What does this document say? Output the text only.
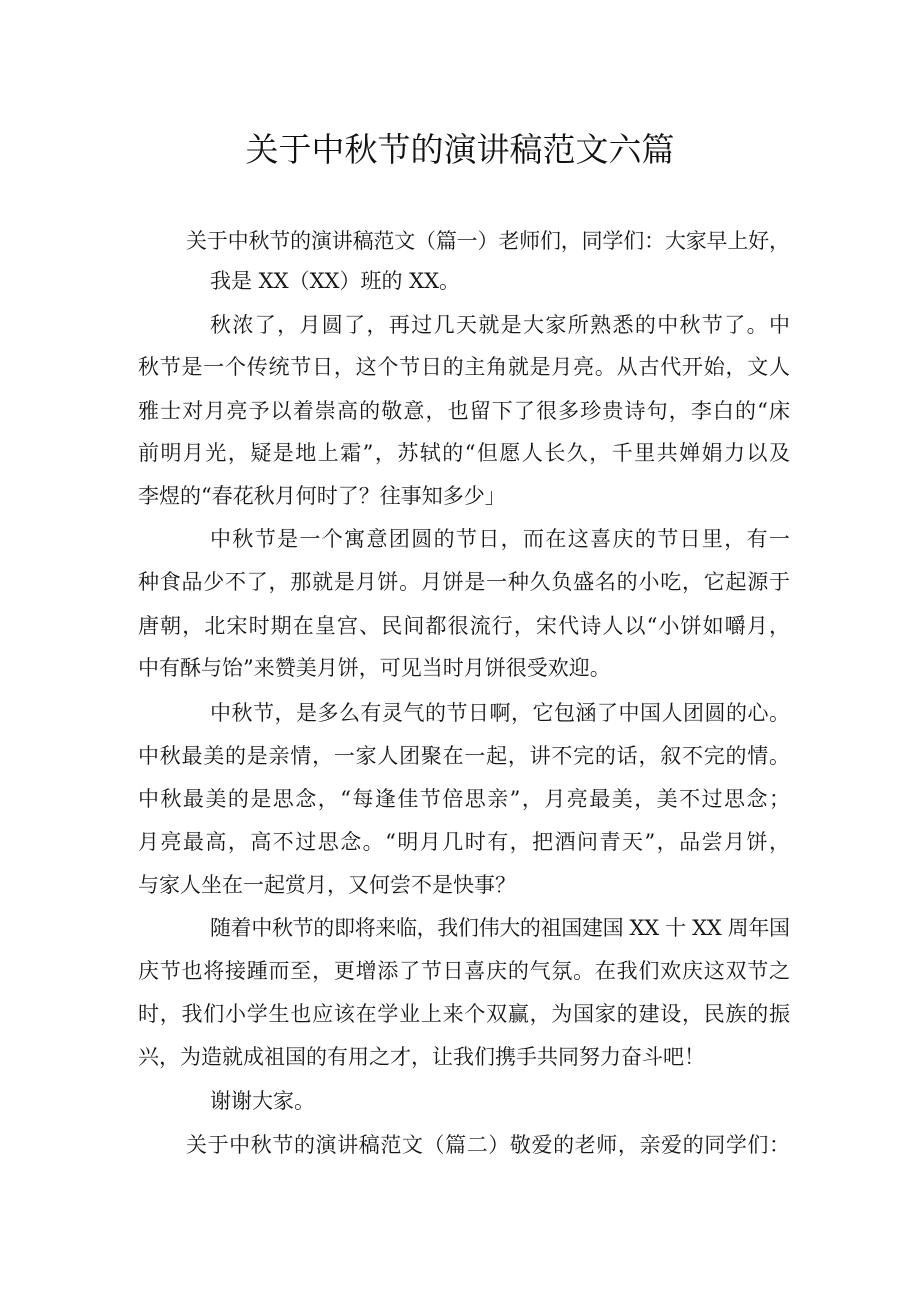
关于中秋节的演讲稿范文六篇
关于中秋节的演讲稿范文（篇一）老师们，同学们：大家早上好，
我是 XX（XX）班的 XX。
秋浓了，月圆了，再过几天就是大家所熟悉的中秋节了。中
秋节是一个传统节日，这个节日的主角就是月亮。从古代开始，文人
雅士对月亮予以着崇高的敬意，也留下了很多珍贵诗句，李白的“床
前明月光，疑是地上霜”，苏轼的“但愿人长久，千里共婵娟力以及
李煜的“春花秋月何时了？往事知多少」
中秋节是一个寓意团圆的节日，而在这喜庆的节日里，有一
种食品少不了，那就是月饼。月饼是一种久负盛名的小吃，它起源于
唐朝，北宋时期在皇宫、民间都很流行，宋代诗人以“小饼如嚼月，
中有酥与饴”来赞美月饼，可见当时月饼很受欢迎。
中秋节，是多么有灵气的节日啊，它包涵了中国人团圆的心。
中秋最美的是亲情，一家人团聚在一起，讲不完的话，叙不完的情。
中秋最美的是思念，“每逢佳节倍思亲”，月亮最美，美不过思念；
月亮最高，高不过思念。“明月几时有，把酒问青天”，品尝月饼，
与家人坐在一起赏月，又何尝不是快事？
随着中秋节的即将来临，我们伟大的祖国建国 XX 十 XX 周年国
庆节也将接踵而至，更增添了节日喜庆的气氛。在我们欢庆这双节之
时，我们小学生也应该在学业上来个双赢，为国家的建设，民族的振
兴，为造就成祖国的有用之才，让我们携手共同努力奋斗吧！
谢谢大家。
关于中秋节的演讲稿范文（篇二）敬爱的老师，亲爱的同学们：
